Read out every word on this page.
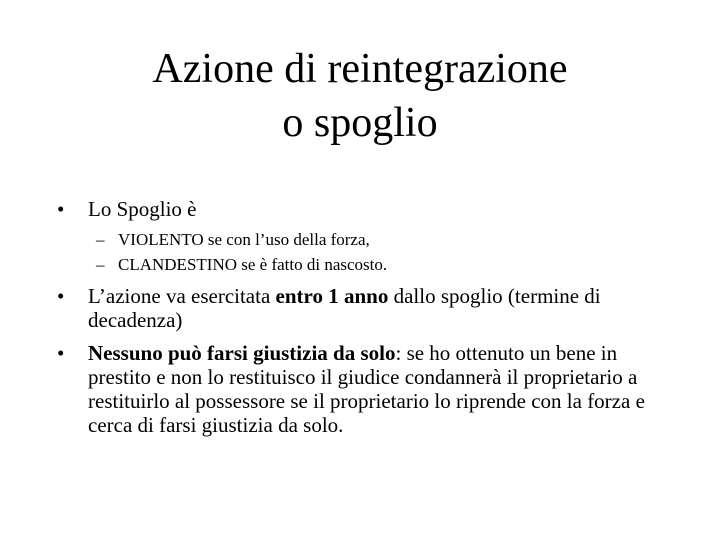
Azione di reintegrazione
o spoglio
• Lo Spoglio è
– VIOLENTO se con l’uso della forza,
– CLANDESTINO se è fatto di nascosto.
• L’azione va esercitata entro 1 anno dallo spoglio (termine di decadenza)
• Nessuno può farsi giustizia da solo: se ho ottenuto un bene in prestito e non lo restituisco il giudice condannerà il proprietario a restituirlo al possessore se il proprietario lo riprende con la forza e cerca di farsi giustizia da solo.
